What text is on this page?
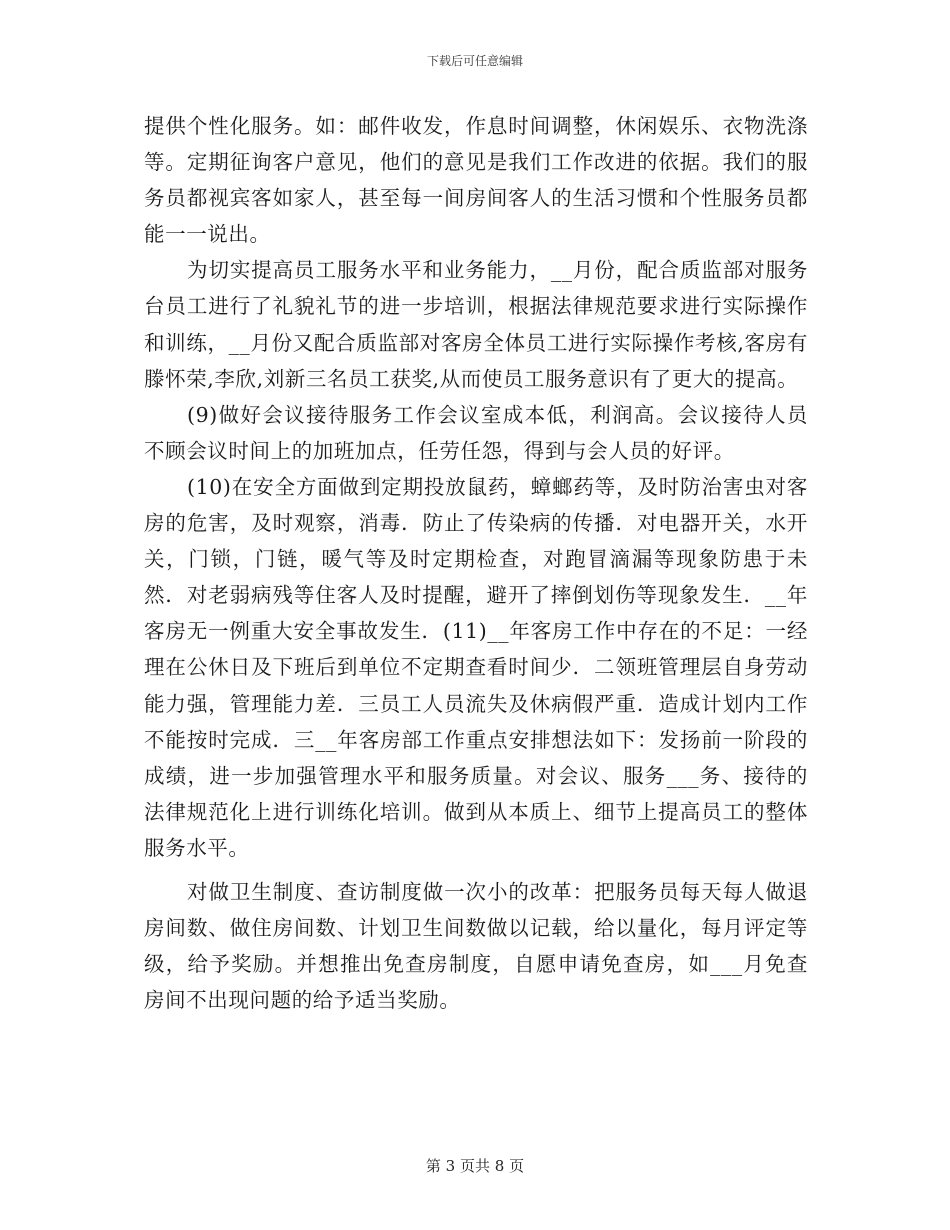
下载后可任意编辑

提供个性化服务。如：邮件收发，作息时间调整，休闲娱乐、衣物洗涤等。定期征询客户意见，他们的意见是我们工作改进的依据。我们的服务员都视宾客如家人，甚至每一间房间客人的生活习惯和个性服务员都能一一说出。

为切实提高员工服务水平和业务能力，__月份，配合质监部对服务台员工进行了礼貌礼节的进一步培训，根据法律规范要求进行实际操作和训练，__月份又配合质监部对客房全体员工进行实际操作考核,客房有滕怀荣,李欣,刘新三名员工获奖,从而使员工服务意识有了更大的提高。

(9)做好会议接待服务工作会议室成本低，利润高。会议接待人员不顾会议时间上的加班加点，任劳任怨，得到与会人员的好评。

(10)在安全方面做到定期投放鼠药，蟑螂药等，及时防治害虫对客房的危害，及时观察，消毒．防止了传染病的传播．对电器开关，水开关，门锁，门链，暖气等及时定期检查，对跑冒滴漏等现象防患于未然．对老弱病残等住客人及时提醒，避开了摔倒划伤等现象发生．__年客房无一例重大安全事故发生．(11)__年客房工作中存在的不足：一经理在公休日及下班后到单位不定期查看时间少．二领班管理层自身劳动能力强，管理能力差．三员工人员流失及休病假严重．造成计划内工作不能按时完成．三__年客房部工作重点安排想法如下：发扬前一阶段的成绩，进一步加强管理水平和服务质量。对会议、服务___务、接待的法律规范化上进行训练化培训。做到从本质上、细节上提高员工的整体服务水平。

对做卫生制度、查访制度做一次小的改革：把服务员每天每人做退房间数、做住房间数、计划卫生间数做以记载，给以量化，每月评定等级，给予奖励。并想推出免查房制度，自愿申请免查房，如___月免查房间不出现问题的给予适当奖励。

第 3 页共 8 页
